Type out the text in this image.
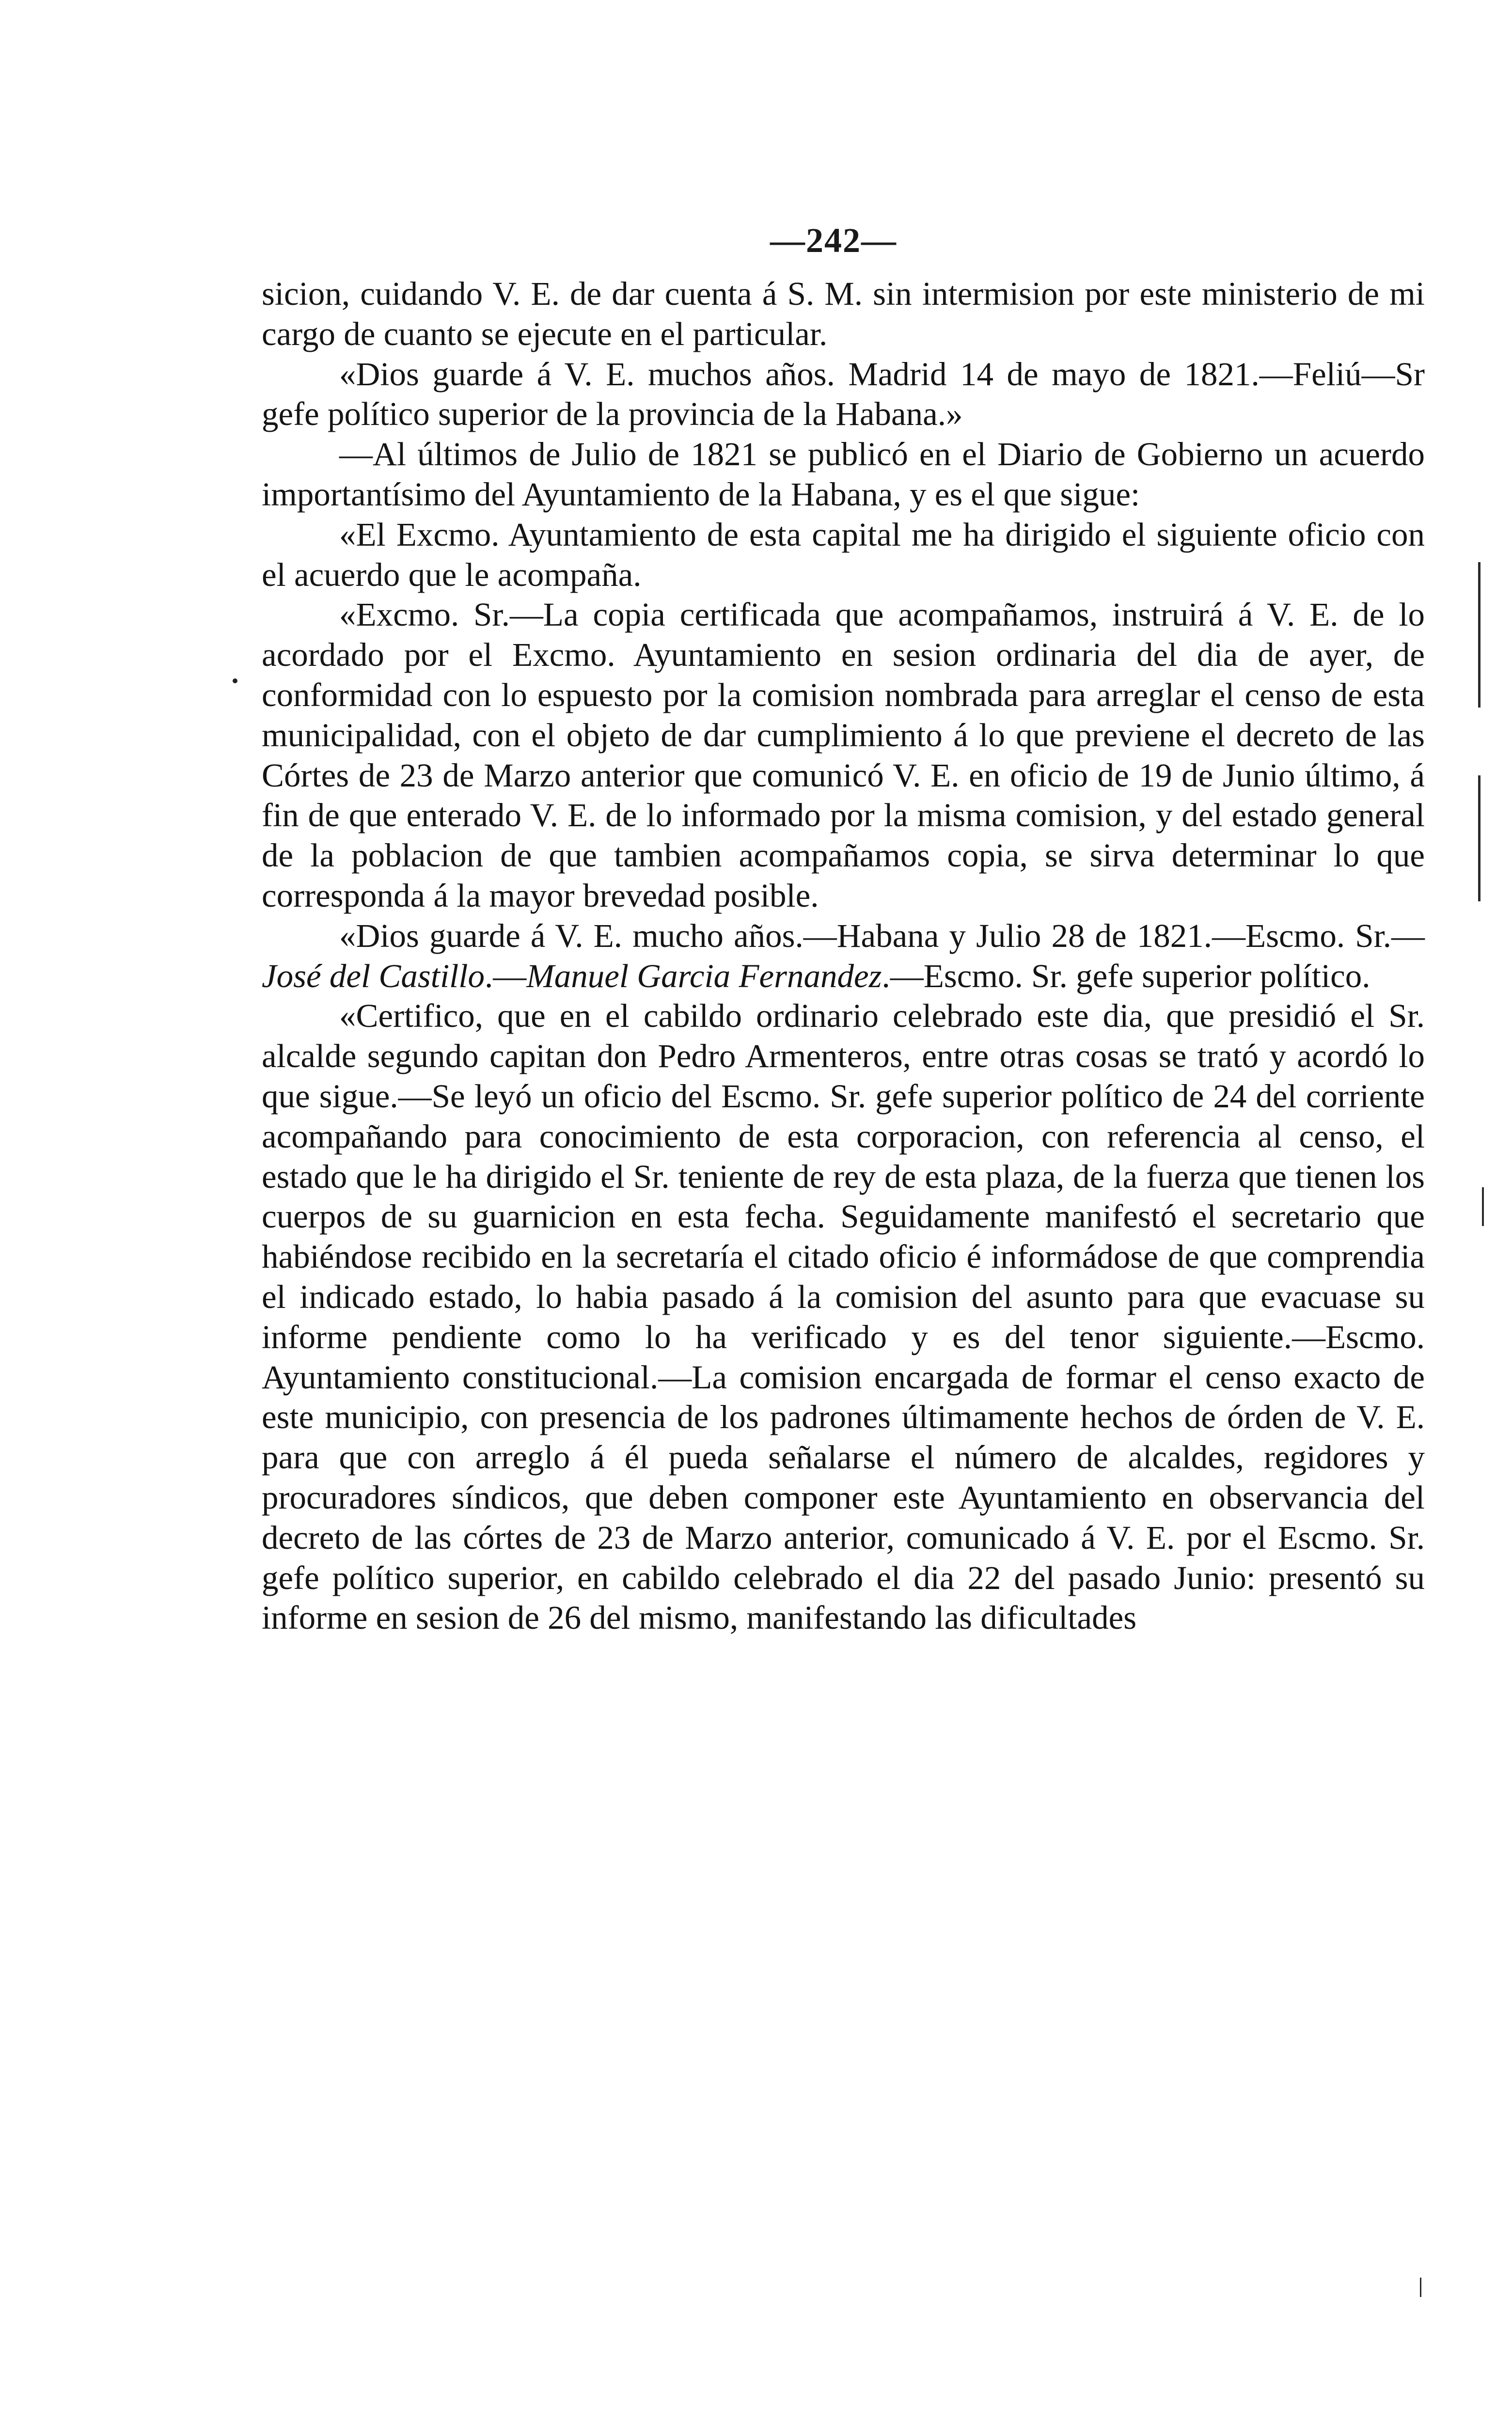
—242—

sicion, cuidando V. E. de dar cuenta á S. M. sin intermision por este ministerio de mi cargo de cuanto se ejecute en el particular.

«Dios guarde á V. E. muchos años. Madrid 14 de mayo de 1821.—Feliú—Sr gefe político superior de la provincia de la Habana.»

—Al últimos de Julio de 1821 se publicó en el Diario de Gobierno un acuerdo importantísimo del Ayuntamiento de la Habana, y es el que sigue:

«El Excmo. Ayuntamiento de esta capital me ha dirigido el siguiente oficio con el acuerdo que le acompaña.

«Excmo. Sr.—La copia certificada que acompañamos, instruirá á V. E. de lo acordado por el Excmo. Ayuntamiento en sesion ordinaria del dia de ayer, de conformidad con lo espuesto por la comision nombrada para arreglar el censo de esta municipalidad, con el objeto de dar cumplimiento á lo que previene el decreto de las Córtes de 23 de Marzo anterior que comunicó V. E. en oficio de 19 de Junio último, á fin de que enterado V. E. de lo informado por la misma comision, y del estado general de la poblacion de que tambien acompañamos copia, se sirva determinar lo que corresponda á la mayor brevedad posible.

«Dios guarde á V. E. mucho años.—Habana y Julio 28 de 1821.—Escmo. Sr.—José del Castillo.—Manuel Garcia Fernandez.—Escmo. Sr. gefe superior político.

«Certifico, que en el cabildo ordinario celebrado este dia, que presidió el Sr. alcalde segundo capitan don Pedro Armenteros, entre otras cosas se trató y acordó lo que sigue.—Se leyó un oficio del Escmo. Sr. gefe superior político de 24 del corriente acompañando para conocimiento de esta corporacion, con referencia al censo, el estado que le ha dirigido el Sr. teniente de rey de esta plaza, de la fuerza que tienen los cuerpos de su guarnicion en esta fecha. Seguidamente manifestó el secretario que habiéndose recibido en la secretaría el citado oficio é informádose de que comprendia el indicado estado, lo habia pasado á la comision del asunto para que evacuase su informe pendiente como lo ha verificado y es del tenor siguiente.—Escmo. Ayuntamiento constitucional.—La comision encargada de formar el censo exacto de este municipio, con presencia de los padrones últimamente hechos de órden de V. E. para que con arreglo á él pueda señalarse el número de alcaldes, regidores y procuradores síndicos, que deben componer este Ayuntamiento en observancia del decreto de las córtes de 23 de Marzo anterior, comunicado á V. E. por el Escmo. Sr. gefe político superior, en cabildo celebrado el dia 22 del pasado Junio: presentó su informe en sesion de 26 del mismo, manifestando las dificultades
